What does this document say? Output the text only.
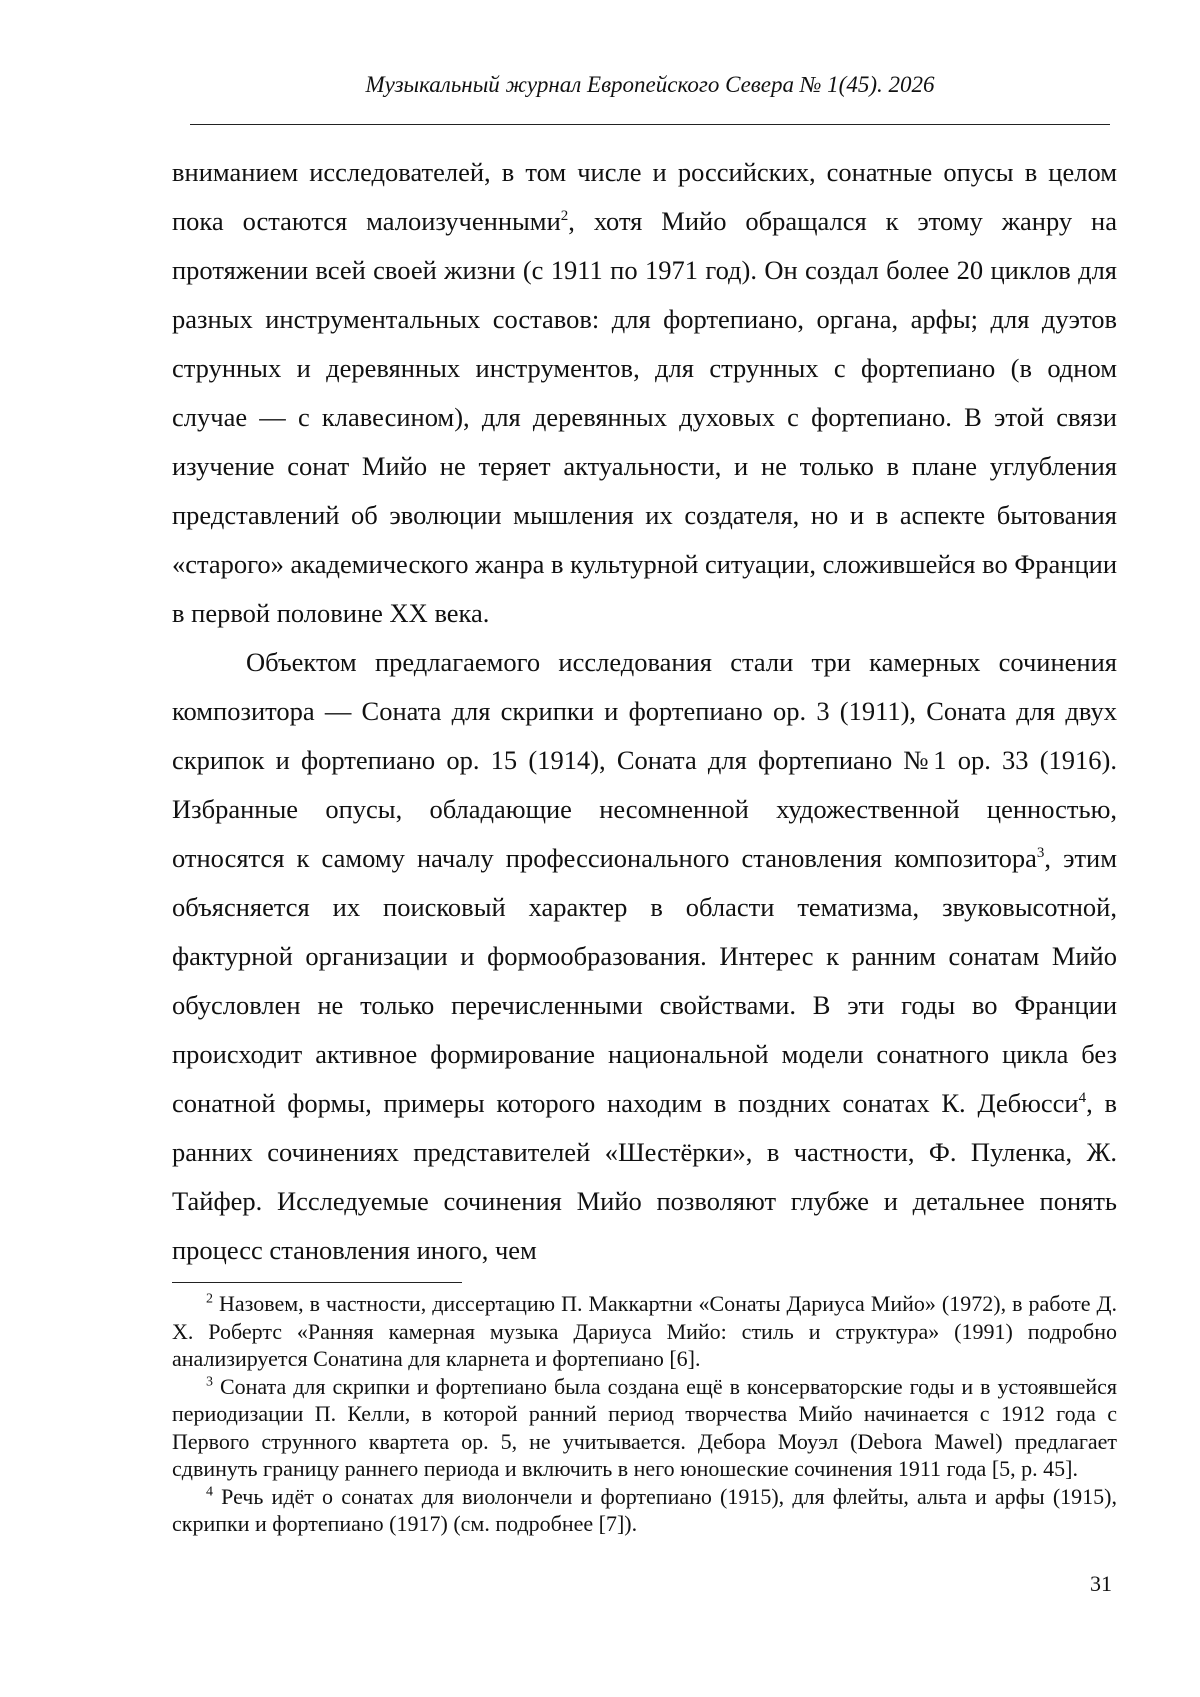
Музыкальный журнал Европейского Севера № 1(45). 2026

вниманием исследователей, в том числе и российских, сонатные опусы в целом пока остаются малоизученными$^2$, хотя Мийо обращался к этому жанру на протяжении всей своей жизни (с 1911 по 1971 год). Он создал более 20 циклов для разных инструментальных составов: для фортепиано, органа, арфы; для дуэтов струнных и деревянных инструментов, для струнных с фортепиано (в одном случае — с клавесином), для деревянных духовых с фортепиано. В этой связи изучение сонат Мийо не теряет актуальности, и не только в плане углубления представлений об эволюции мышления их создателя, но и в аспекте бытования «старого» академического жанра в культурной ситуации, сложившейся во Франции в первой половине XX века.

Объектом предлагаемого исследования стали три камерных сочинения композитора — Соната для скрипки и фортепиано ор. 3 (1911), Соната для двух скрипок и фортепиано ор. 15 (1914), Соната для фортепиано №1 ор. 33 (1916). Избранные опусы, обладающие несомненной художественной ценностью, относятся к самому началу профессионального становления композитора$^3$, этим объясняется их поисковый характер в области тематизма, звуковысотной, фактурной организации и формообразования. Интерес к ранним сонатам Мийо обусловлен не только перечисленными свойствами. В эти годы во Франции происходит активное формирование национальной модели сонатного цикла без сонатной формы, примеры которого находим в поздних сонатах К. Дебюсси$^4$, в ранних сочинениях представителей «Шестёрки», в частности, Ф. Пуленка, Ж. Тайфер. Исследуемые сочинения Мийо позволяют глубже и детальнее понять процесс становления иного, чем

$^2$ Назовем, в частности, диссертацию П. Маккартни «Сонаты Дариуса Мийо» (1972), в работе Д. Х. Робертс «Ранняя камерная музыка Дариуса Мийо: стиль и структура» (1991) подробно анализируется Сонатина для кларнета и фортепиано [6].

$^3$ Соната для скрипки и фортепиано была создана ещё в консерваторские годы и в устоявшейся периодизации П. Келли, в которой ранний период творчества Мийо начинается с 1912 года с Первого струнного квартета ор. 5, не учитывается. Дебора Моуэл (Debora Mawel) предлагает сдвинуть границу раннего периода и включить в него юношеские сочинения 1911 года [5, р. 45].

$^4$ Речь идёт о сонатах для виолончели и фортепиано (1915), для флейты, альта и арфы (1915), скрипки и фортепиано (1917) (см. подробнее [7]).

31
